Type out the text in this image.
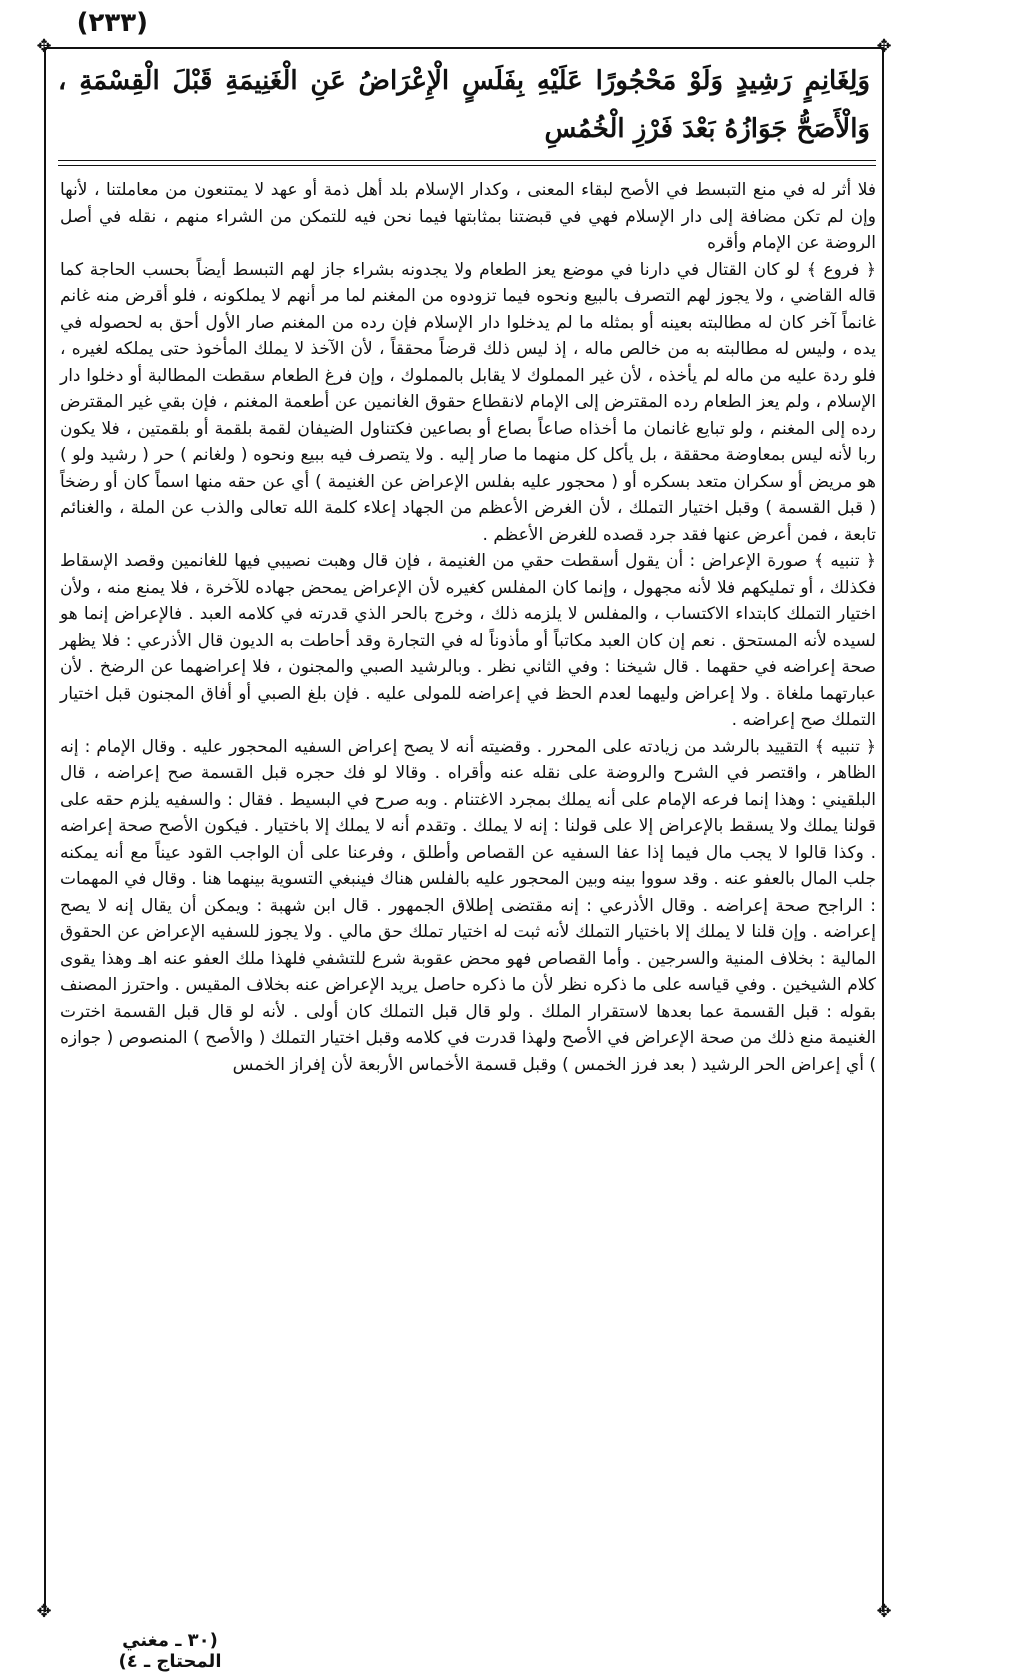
(٢٣٣)
✥	✥
✥	✥
وَلِغَانِمٍ رَشِيدٍ وَلَوْ مَحْجُورًا عَلَيْهِ بِفَلَسٍ الْإِعْرَاضُ عَنِ الْغَنِيمَةِ قَبْلَ الْقِسْمَةِ ، وَالْأَصَحُّ جَوَازُهُ بَعْدَ فَرْزِ الْخُمُسِ

فلا أثر له في منع التبسط في الأصح لبقاء المعنى ، وكدار الإسلام بلد أهل ذمة أو عهد لا يمتنعون من معاملتنا ، لأنها وإن لم تكن مضافة إلى دار الإسلام فهي في قبضتنا بمثابتها فيما نحن فيه للتمكن من الشراء منهم ، نقله في أصل الروضة عن الإمام وأقره

﴿ فروع ﴾ لو كان القتال في دارنا في موضع يعز الطعام ولا يجدونه بشراء جاز لهم التبسط أيضاً بحسب الحاجة كما قاله القاضي ، ولا يجوز لهم التصرف بالبيع ونحوه فيما تزودوه من المغنم لما مر أنهم لا يملكونه ، فلو أقرض منه غانم غانماً آخر كان له مطالبته بعينه أو بمثله ما لم يدخلوا دار الإسلام فإن رده من المغنم صار الأول أحق به لحصوله في يده ، وليس له مطالبته به من خالص ماله ، إذ ليس ذلك قرضاً محققاً ، لأن الآخذ لا يملك المأخوذ حتى يملكه لغيره ، فلو ردة عليه من ماله لم يأخذه ، لأن غير المملوك لا يقابل بالمملوك ، وإن فرغ الطعام سقطت المطالبة أو دخلوا دار الإسلام ، ولم يعز الطعام رده المقترض إلى الإمام لانقطاع حقوق الغانمين عن أطعمة المغنم ، فإن بقي غير المقترض رده إلى المغنم ، ولو تبايع غانمان ما أخذاه صاعاً بصاع أو بصاعين فكتناول الضيفان لقمة بلقمة أو بلقمتين ، فلا يكون ربا لأنه ليس بمعاوضة محققة ، بل يأكل كل منهما ما صار إليه . ولا يتصرف فيه ببيع ونحوه ( ولغانم ) حر ( رشيد ولو ) هو مريض أو سكران متعد بسكره أو ( محجور عليه بفلس الإعراض عن الغنيمة ) أي عن حقه منها اسماً كان أو رضخاً ( قبل القسمة ) وقبل اختيار التملك ، لأن الغرض الأعظم من الجهاد إعلاء كلمة الله تعالى والذب عن الملة ، والغنائم تابعة ، فمن أعرض عنها فقد جرد قصده للغرض الأعظم .

﴿ تنبيه ﴾ صورة الإعراض : أن يقول أسقطت حقي من الغنيمة ، فإن قال وهبت نصيبي فيها للغانمين وقصد الإسقاط فكذلك ، أو تمليكهم فلا لأنه مجهول ، وإنما كان المفلس كغيره لأن الإعراض يمحض جهاده للآخرة ، فلا يمنع منه ، ولأن اختيار التملك كابتداء الاكتساب ، والمفلس لا يلزمه ذلك ، وخرج بالحر الذي قدرته في كلامه العبد . فالإعراض إنما هو لسيده لأنه المستحق . نعم إن كان العبد مكاتباً أو مأذوناً له في التجارة وقد أحاطت به الديون قال الأذرعي : فلا يظهر صحة إعراضه في حقهما . قال شيخنا : وفي الثاني نظر . وبالرشيد الصبي والمجنون ، فلا إعراضهما عن الرضخ . لأن عبارتهما ملغاة . ولا إعراض وليهما لعدم الحظ في إعراضه للمولى عليه . فإن بلغ الصبي أو أفاق المجنون قبل اختيار التملك صح إعراضه .

﴿ تنبيه ﴾ التقييد بالرشد من زيادته على المحرر . وقضيته أنه لا يصح إعراض السفيه المحجور عليه . وقال الإمام : إنه الظاهر ، واقتصر في الشرح والروضة على نقله عنه وأقراه . وقالا لو فك حجره قبل القسمة صح إعراضه ، قال البلقيني : وهذا إنما فرعه الإمام على أنه يملك بمجرد الاغتنام . وبه صرح في البسيط . فقال : والسفيه يلزم حقه على قولنا يملك ولا يسقط بالإعراض إلا على قولنا : إنه لا يملك . وتقدم أنه لا يملك إلا باختيار . فيكون الأصح صحة إعراضه . وكذا قالوا لا يجب مال فيما إذا عفا السفيه عن القصاص وأطلق ، وفرعنا على أن الواجب القود عيناً مع أنه يمكنه جلب المال بالعفو عنه . وقد سووا بينه وبين المحجور عليه بالفلس هناك فينبغي التسوية بينهما هنا . وقال في المهمات : الراجح صحة إعراضه . وقال الأذرعي : إنه مقتضى إطلاق الجمهور . قال ابن شهبة : ويمكن أن يقال إنه لا يصح إعراضه . وإن قلنا لا يملك إلا باختيار التملك لأنه ثبت له اختيار تملك حق مالي . ولا يجوز للسفيه الإعراض عن الحقوق المالية : بخلاف المنية والسرجين . وأما القصاص فهو محض عقوبة شرع للتشفي فلهذا ملك العفو عنه اهـ وهذا يقوى كلام الشيخين . وفي قياسه على ما ذكره نظر لأن ما ذكره حاصل يريد الإعراض عنه بخلاف المقيس . واحترز المصنف بقوله : قبل القسمة عما بعدها لاستقرار الملك . ولو قال قبل التملك كان أولى . لأنه لو قال قبل القسمة اخترت الغنيمة منع ذلك من صحة الإعراض في الأصح ولهذا قدرت في كلامه وقبل اختيار التملك ( والأصح ) المنصوص ( جوازه ) أي إعراض الحر الرشيد ( بعد فرز الخمس ) وقبل قسمة الأخماس الأربعة لأن إفراز الخمس

(٣٠ ـ مغني المحتاج ـ ٤)
